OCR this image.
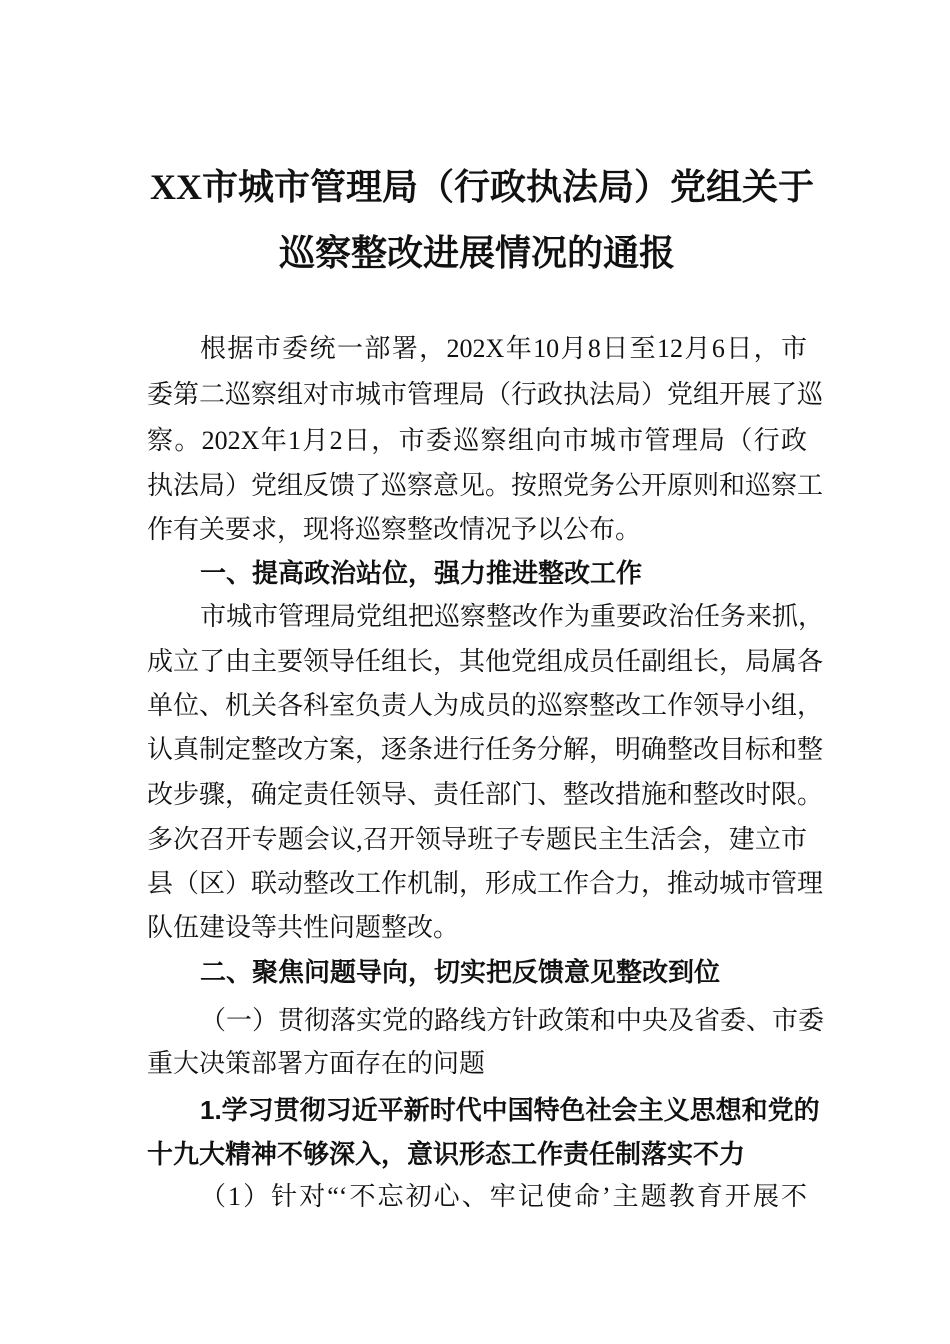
XX市城市管理局（行政执法局）党组关于
巡察整改进展情况的通报
根据市委统一部署，202X年10月8日至12月6日，市
委第二巡察组对市城市管理局（行政执法局）党组开展了巡
察。202X年1月2日，市委巡察组向市城市管理局（行政
执法局）党组反馈了巡察意见。按照党务公开原则和巡察工
作有关要求，现将巡察整改情况予以公布。
一、提高政治站位，强力推进整改工作
市城市管理局党组把巡察整改作为重要政治任务来抓，
成立了由主要领导任组长，其他党组成员任副组长，局属各
单位、机关各科室负责人为成员的巡察整改工作领导小组，
认真制定整改方案，逐条进行任务分解，明确整改目标和整
改步骤，确定责任领导、责任部门、整改措施和整改时限。
多次召开专题会议,召开领导班子专题民主生活会，建立市
县（区）联动整改工作机制，形成工作合力，推动城市管理
队伍建设等共性问题整改。
二、聚焦问题导向，切实把反馈意见整改到位
（一）贯彻落实党的路线方针政策和中央及省委、市委
重大决策部署方面存在的问题
1.学习贯彻习近平新时代中国特色社会主义思想和党的
十九大精神不够深入，意识形态工作责任制落实不力
（1）针对“‘不忘初心、牢记使命’主题教育开展不
